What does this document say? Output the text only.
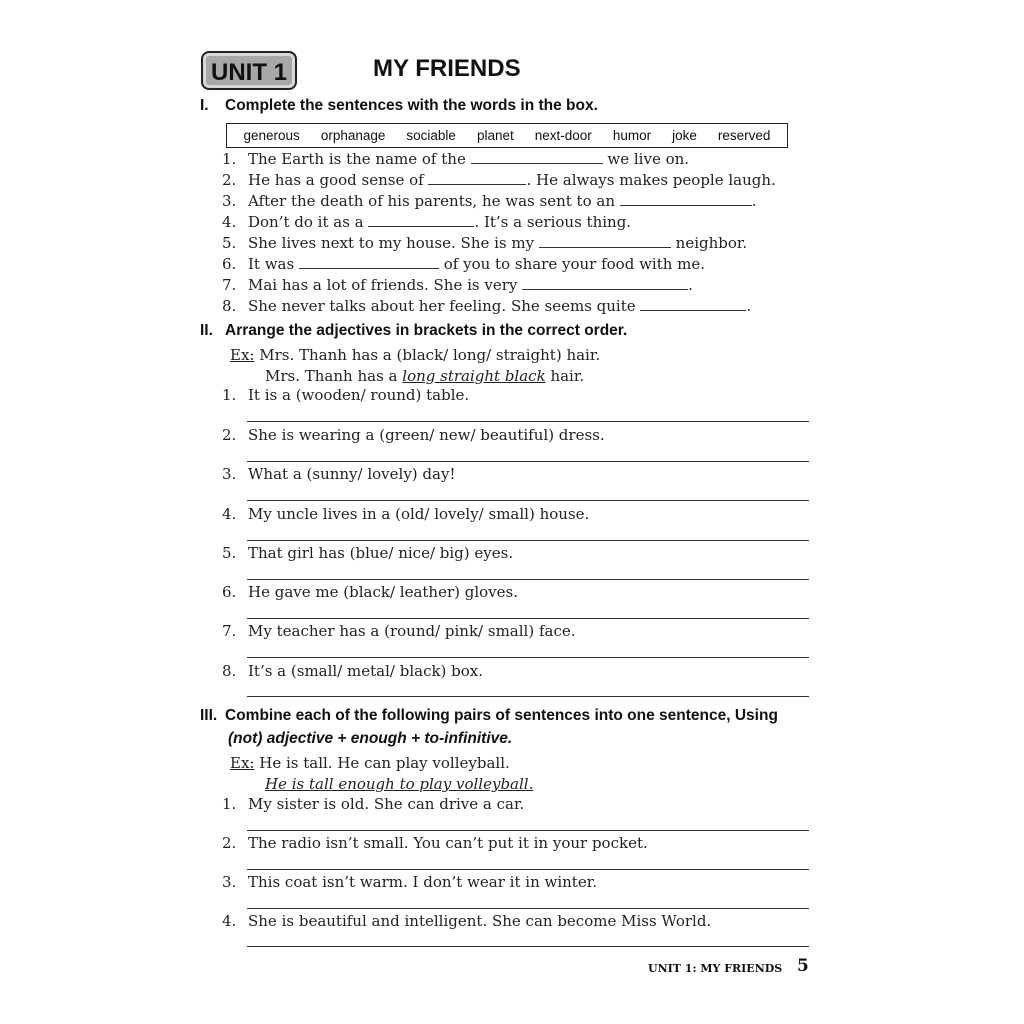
UNIT 1	MY FRIENDS
I. Complete the sentences with the words in the box.
generous orphanage sociable planet next-door humor joke reserved
1. The Earth is the name of the	we live on.
2. He has a good sense of	. He always makes people laugh.
3. After the death of his parents, he was sent to an	.
4. Don’t do it as a	. It’s a serious thing.
5. She lives next to my house. She is my	neighbor.
6. It was	of you to share your food with me.
7. Mai has a lot of friends. She is very	.
8. She never talks about her feeling. She seems quite	.
II. Arrange the adjectives in brackets in the correct order.
Ex: Mrs. Thanh has a (black/ long/ straight) hair.
Mrs. Thanh has a long straight black hair.
1. It is a (wooden/ round) table.
2. She is wearing a (green/ new/ beautiful) dress.
3. What a (sunny/ lovely) day!
4. My uncle lives in a (old/ lovely/ small) house.
5. That girl has (blue/ nice/ big) eyes.
6. He gave me (black/ leather) gloves.
7. My teacher has a (round/ pink/ small) face.
8. It’s a (small/ metal/ black) box.
III. Combine each of the following pairs of sentences into one sentence, Using
(not) adjective + enough + to-infinitive.
Ex: He is tall. He can play volleyball.
He is tall enough to play volleyball.
1. My sister is old. She can drive a car.
2. The radio isn’t small. You can’t put it in your pocket.
3. This coat isn’t warm. I don’t wear it in winter.
4. She is beautiful and intelligent. She can become Miss World.
UNIT 1: MY FRIENDS 5
